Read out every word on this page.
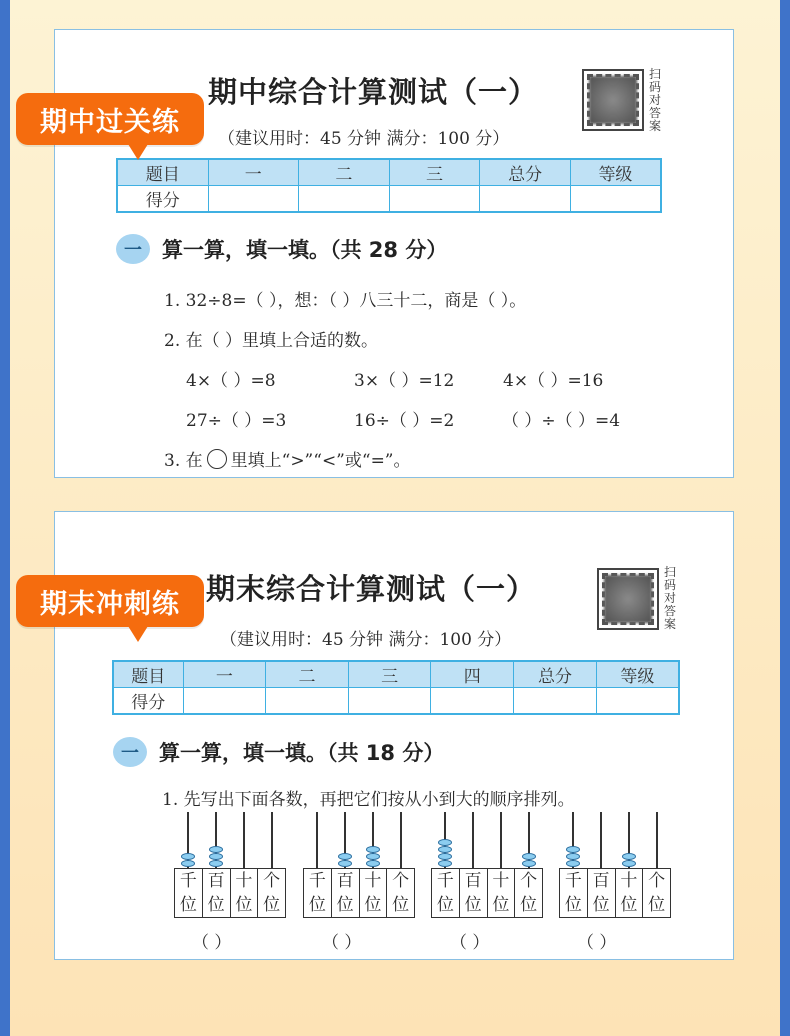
期中过关练
期中综合计算测试（一）
（建议用时：45 分钟 满分：100 分）
扫码对答案
题目	一	二	三	总分	等级
得分					
一 算一算，填一填。（共 28 分）
1. 32÷8=（ ），想：（ ）八三十二，商是（ ）。
2. 在（ ）里填上合适的数。
4×（ ）=8	3×（ ）=12	4×（ ）=16
27÷（ ）=3	16÷（ ）=2	（ ）÷（ ）=4
3. 在 里填上“>”“<”或“=”。
期末冲刺练 期末综合计算测试（一）
（建议用时：45 分钟 满分：100 分）
扫码对答案
题目	一	二	三	四	总分	等级
得分						
一 算一算，填一填。（共 18 分）
1. 先写出下面各数，再把它们按从小到大的顺序排列。
千
位
百
位
十
位
个
位
（ ）
千
位
百
位
十
位
个
位
（ ）
千
位
百
位
十
位
个
位
（ ）
千
位
百
位
十
位
个
位
（ ）
